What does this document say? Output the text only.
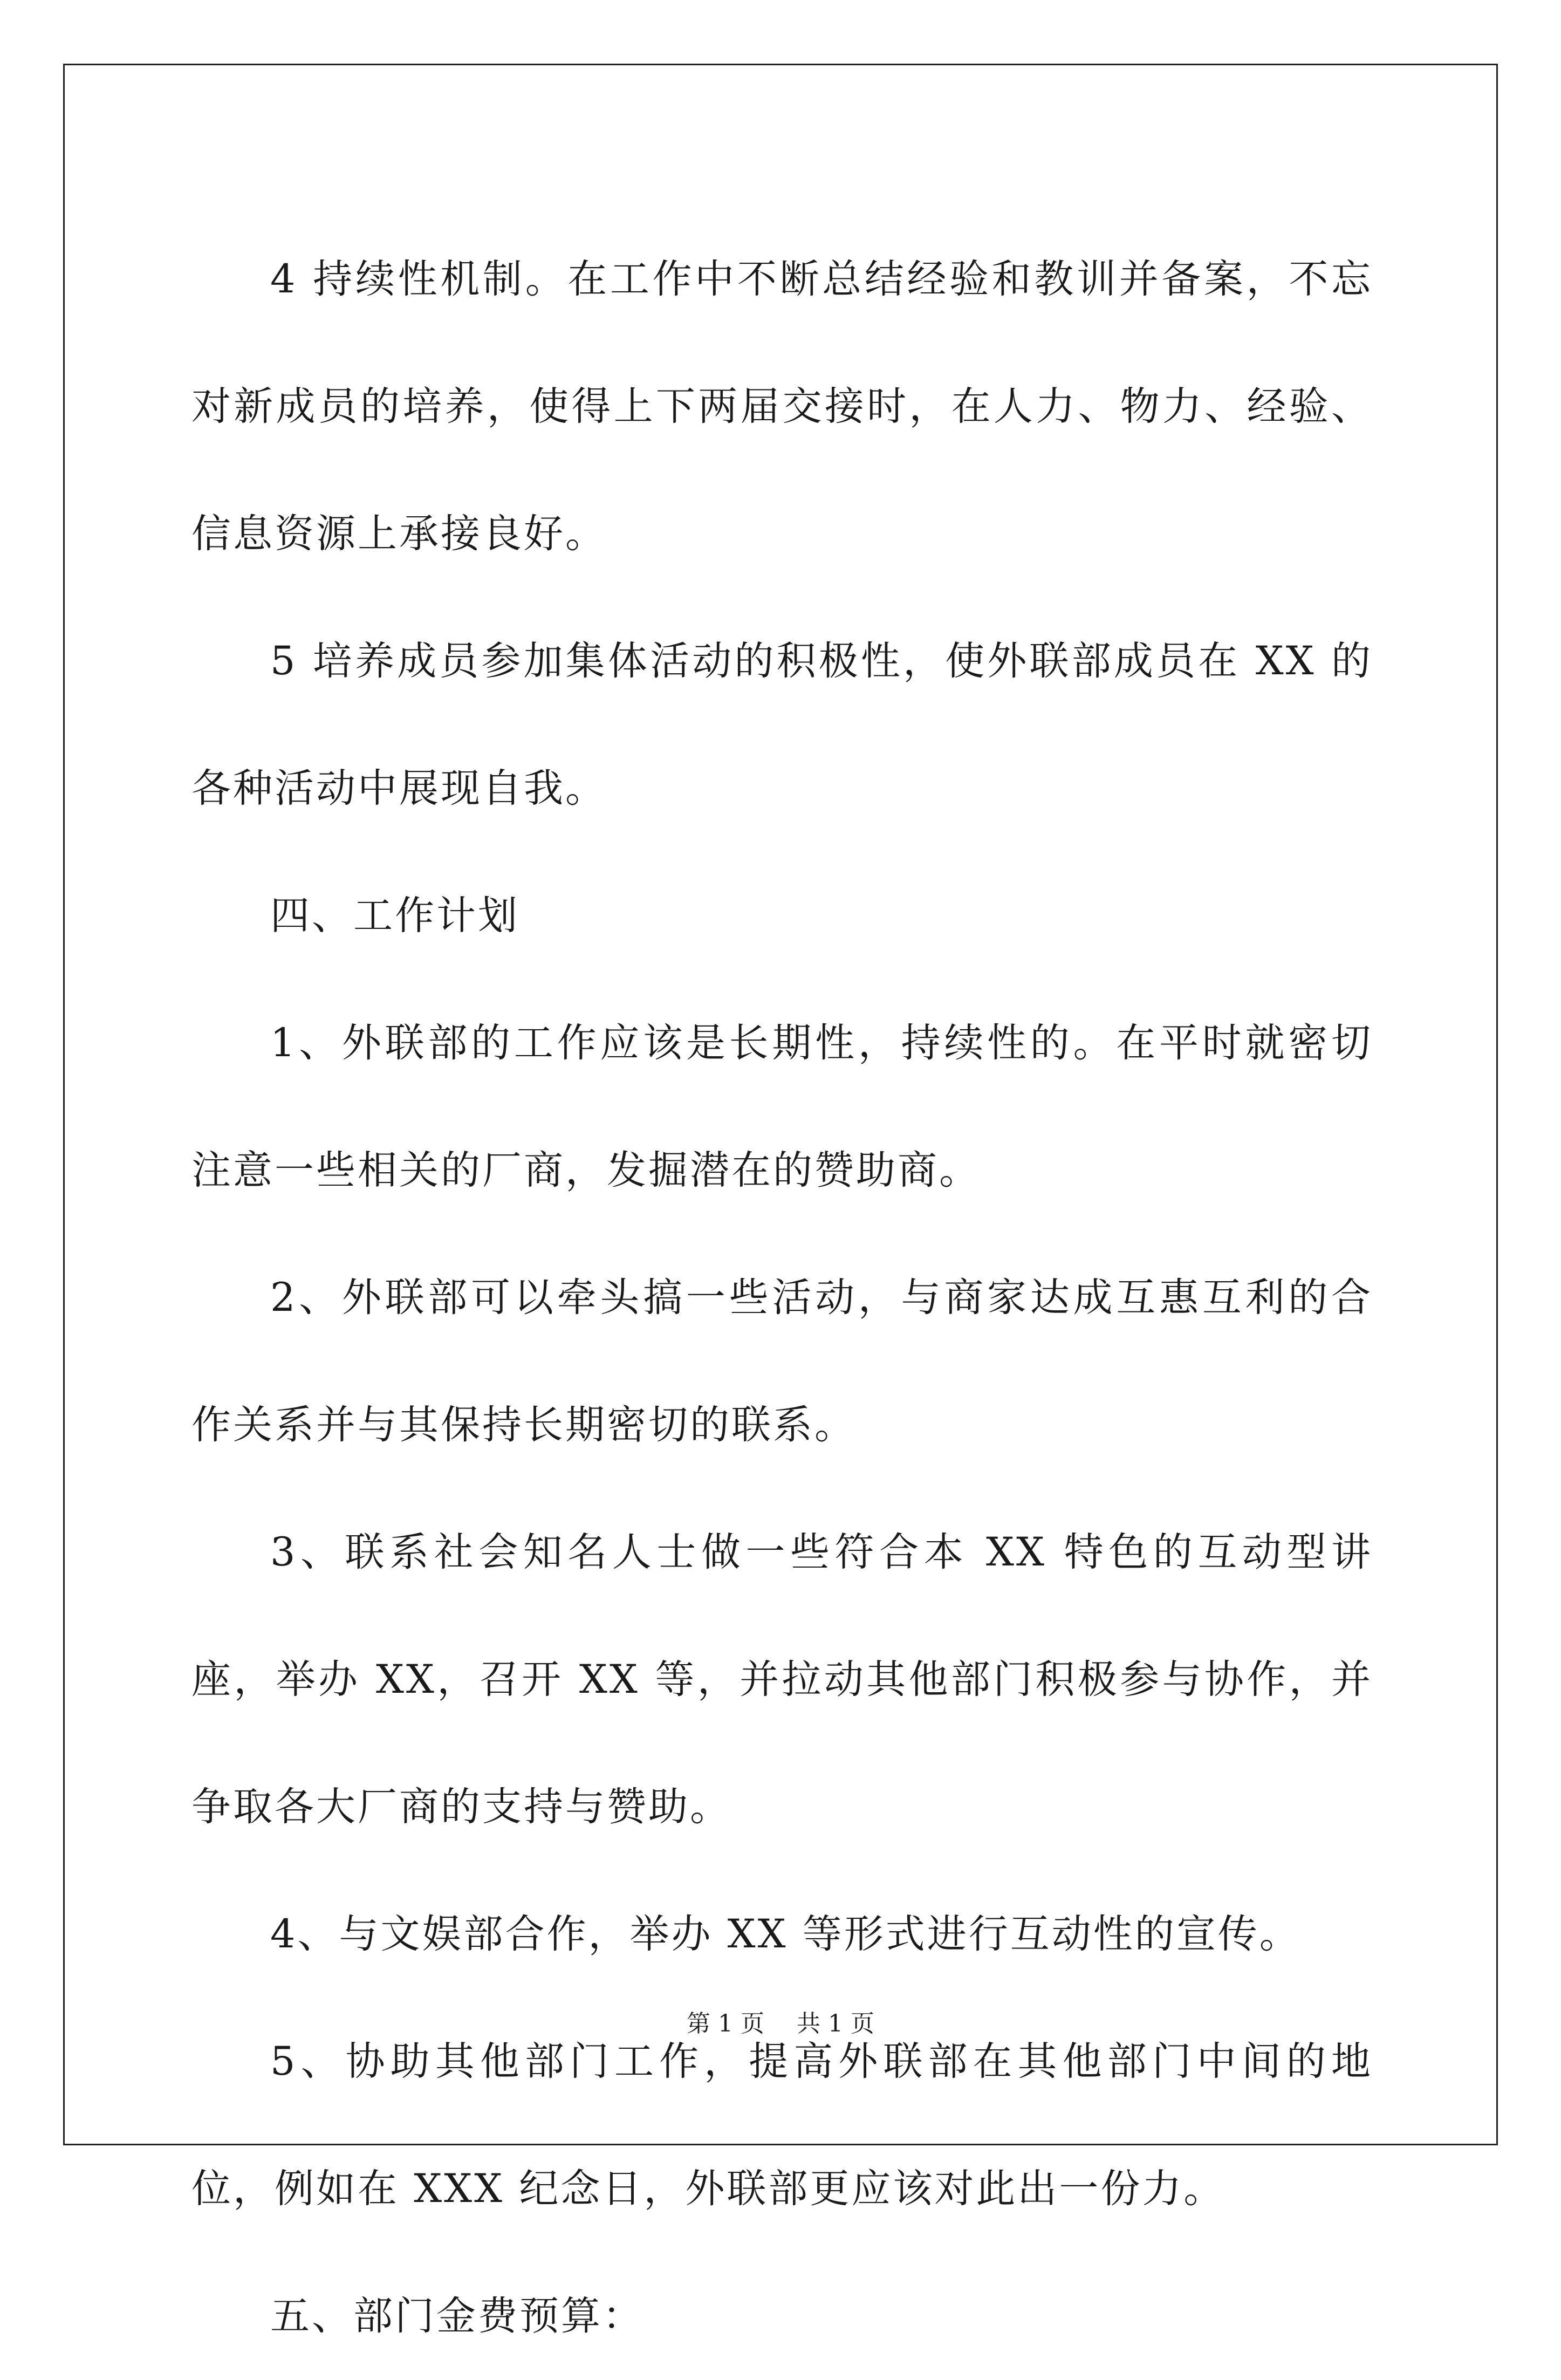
4 持续性机制。在工作中不断总结经验和教训并备案，不忘对新成员的培养，使得上下两届交接时，在人力、物力、经验、信息资源上承接良好。

5 培养成员参加集体活动的积极性，使外联部成员在 XX 的各种活动中展现自我。

四、工作计划

1、外联部的工作应该是长期性，持续性的。在平时就密切注意一些相关的厂商，发掘潜在的赞助商。

2、外联部可以牵头搞一些活动，与商家达成互惠互利的合作关系并与其保持长期密切的联系。

3、联系社会知名人士做一些符合本 XX 特色的互动型讲座，举办 XX，召开 XX 等，并拉动其他部门积极参与协作，并争取各大厂商的支持与赞助。

4、与文娱部合作，举办 XX 等形式进行互动性的宣传。

5、协助其他部门工作，提高外联部在其他部门中间的地位，例如在 XXX 纪念日，外联部更应该对此出一份力。

五、部门金费预算：

第 1 页 共 1 页
